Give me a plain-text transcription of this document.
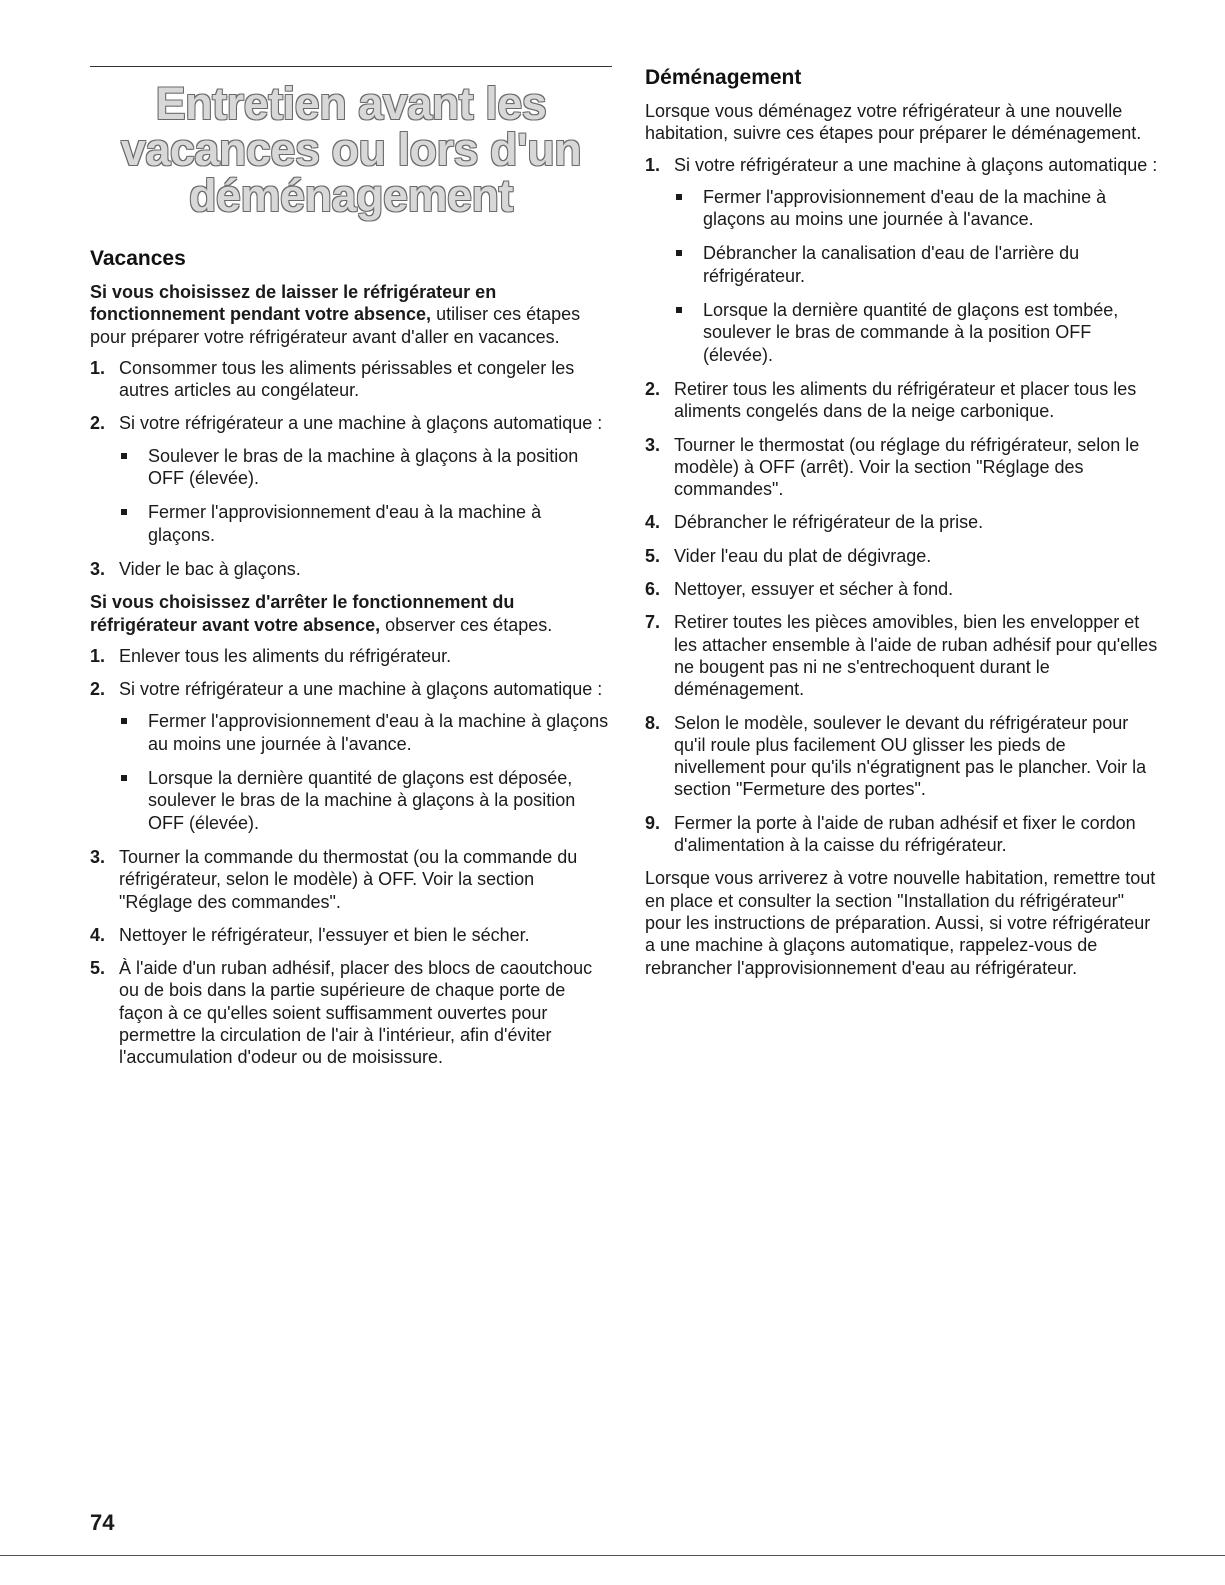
Entretien avant les vacances ou lors d'un déménagement
Vacances
Si vous choisissez de laisser le réfrigérateur en fonctionnement pendant votre absence, utiliser ces étapes pour préparer votre réfrigérateur avant d'aller en vacances.
1. Consommer tous les aliments périssables et congeler les autres articles au congélateur.
2. Si votre réfrigérateur a une machine à glaçons automatique :
Soulever le bras de la machine à glaçons à la position OFF (élevée).
Fermer l'approvisionnement d'eau à la machine à glaçons.
3. Vider le bac à glaçons.
Si vous choisissez d'arrêter le fonctionnement du réfrigérateur avant votre absence, observer ces étapes.
1. Enlever tous les aliments du réfrigérateur.
2. Si votre réfrigérateur a une machine à glaçons automatique :
Fermer l'approvisionnement d'eau à la machine à glaçons au moins une journée à l'avance.
Lorsque la dernière quantité de glaçons est déposée, soulever le bras de la machine à glaçons à la position OFF (élevée).
3. Tourner la commande du thermostat (ou la commande du réfrigérateur, selon le modèle) à OFF. Voir la section "Réglage des commandes".
4. Nettoyer le réfrigérateur, l'essuyer et bien le sécher.
5. À l'aide d'un ruban adhésif, placer des blocs de caoutchouc ou de bois dans la partie supérieure de chaque porte de façon à ce qu'elles soient suffisamment ouvertes pour permettre la circulation de l'air à l'intérieur, afin d'éviter l'accumulation d'odeur ou de moisissure.
Déménagement
Lorsque vous déménagez votre réfrigérateur à une nouvelle habitation, suivre ces étapes pour préparer le déménagement.
1. Si votre réfrigérateur a une machine à glaçons automatique :
Fermer l'approvisionnement d'eau de la machine à glaçons au moins une journée à l'avance.
Débrancher la canalisation d'eau de l'arrière du réfrigérateur.
Lorsque la dernière quantité de glaçons est tombée, soulever le bras de commande à la position OFF (élevée).
2. Retirer tous les aliments du réfrigérateur et placer tous les aliments congelés dans de la neige carbonique.
3. Tourner le thermostat (ou réglage du réfrigérateur, selon le modèle) à OFF (arrêt). Voir la section "Réglage des commandes".
4. Débrancher le réfrigérateur de la prise.
5. Vider l'eau du plat de dégivrage.
6. Nettoyer, essuyer et sécher à fond.
7. Retirer toutes les pièces amovibles, bien les envelopper et les attacher ensemble à l'aide de ruban adhésif pour qu'elles ne bougent pas ni ne s'entrechoquent durant le déménagement.
8. Selon le modèle, soulever le devant du réfrigérateur pour qu'il roule plus facilement OU glisser les pieds de nivellement pour qu'ils n'égratignent pas le plancher. Voir la section "Fermeture des portes".
9. Fermer la porte à l'aide de ruban adhésif et fixer le cordon d'alimentation à la caisse du réfrigérateur.
Lorsque vous arriverez à votre nouvelle habitation, remettre tout en place et consulter la section "Installation du réfrigérateur" pour les instructions de préparation. Aussi, si votre réfrigérateur a une machine à glaçons automatique, rappelez-vous de rebrancher l'approvisionnement d'eau au réfrigérateur.
74
